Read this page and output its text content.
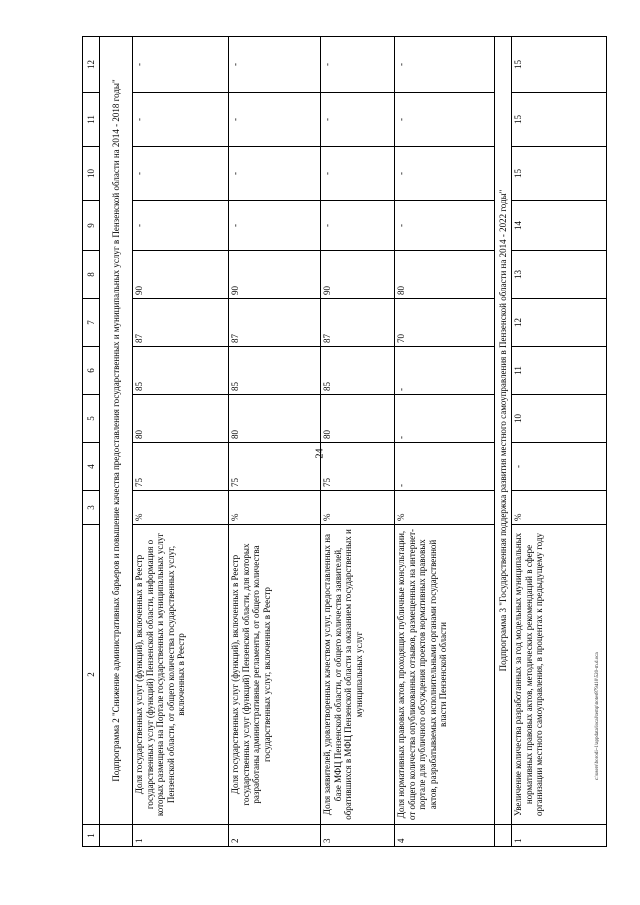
24
c:\users\borodi~1\appdata\local\temp\notes879410\520-m.d.oca
1	2	3	4	5	6	7	8	9	10	11	12
	Подпрограмма 2 "Снижение административных барьеров и повышение качества предоставления государственных и муниципальных услуг в Пензенской области на 2014 - 2018 годы"										
1	Доля государственных услуг (функций), включенных в Реестр государственных услуг (функций) Пензенской области, информация о которых размещена на Портале государственных и муниципальных услуг Пензенской области, от общего количества государственных услуг, включенных в Реестр	%	75	80	85	87	90	-	-	-	-
2	Доля государственных услуг (функций), включенных в Реестр государственных услуг (функций) Пензенской области, для которых разработаны административные регламенты, от общего количества государственных услуг, включенных в Реестр	%	75	80	85	87	90	-	-	-	-
3	Доля заявителей, удовлетворенных качеством услуг, предоставленных на базе МФЦ Пензенской области, от общего количества заявителей, обратившихся в МФЦ Пензенской области за оказанием государственных и муниципальных услуг	%	75	80	85	87	90	-	-	-	-
4	Доля нормативных правовых актов, проходящих публичные консультации, от общего количества опубликованных отзывов, размещенных на интернет-портале для публичного обсуждения проектов нормативных правовых актов, разрабатываемых исполнительными органами государственной власти Пензенской области	%	-	-	-	70	80	-	-	-	-
	Подпрограмма 3 "Государственная поддержка развития местного самоуправления в Пензенской области на 2014 - 2022 годы"										
1	Увеличение количества разработанных за год модельных муниципальных нормативных правовых актов, методических рекомендаций в сфере организации местного самоуправления, в процентах к предыдущему году	%	-	10	11	12	13	14	15	15	15
